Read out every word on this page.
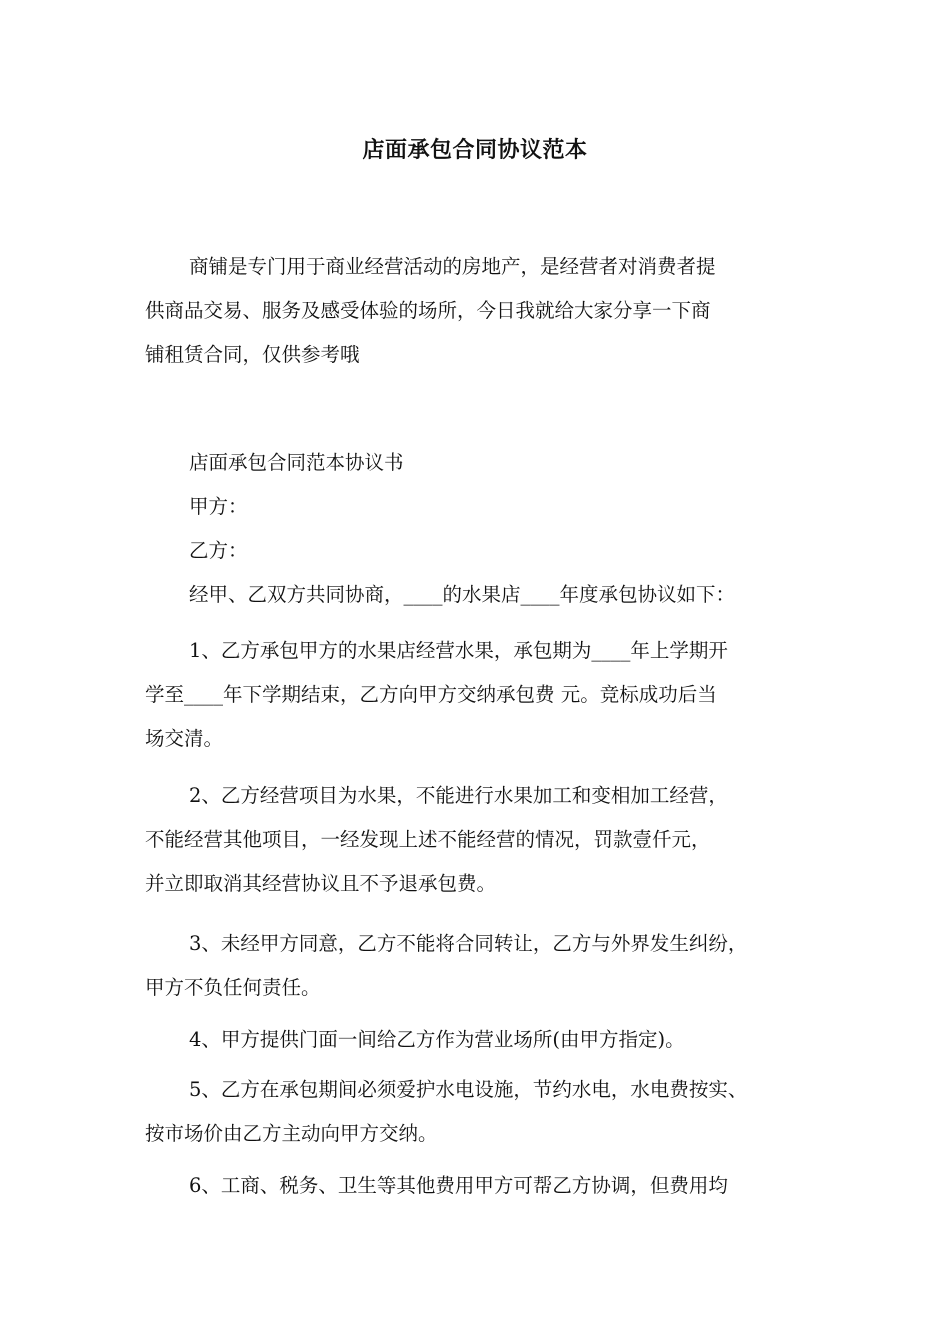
店面承包合同协议范本
商铺是专门用于商业经营活动的房地产，是经营者对消费者提
供商品交易、服务及感受体验的场所，今日我就给大家分享一下商
铺租赁合同，仅供参考哦
店面承包合同范本协议书
甲方：
乙方：
经甲、乙双方共同协商，____的水果店____年度承包协议如下：
1、乙方承包甲方的水果店经营水果，承包期为____年上学期开
学至____年下学期结束，乙方向甲方交纳承包费 元。竞标成功后当
场交清。
2、乙方经营项目为水果，不能进行水果加工和变相加工经营，
不能经营其他项目，一经发现上述不能经营的情况，罚款壹仟元，
并立即取消其经营协议且不予退承包费。
3、未经甲方同意，乙方不能将合同转让，乙方与外界发生纠纷，
甲方不负任何责任。
4、甲方提供门面一间给乙方作为营业场所(由甲方指定)。
5、乙方在承包期间必须爱护水电设施，节约水电，水电费按实、
按市场价由乙方主动向甲方交纳。
6、工商、税务、卫生等其他费用甲方可帮乙方协调，但费用均
